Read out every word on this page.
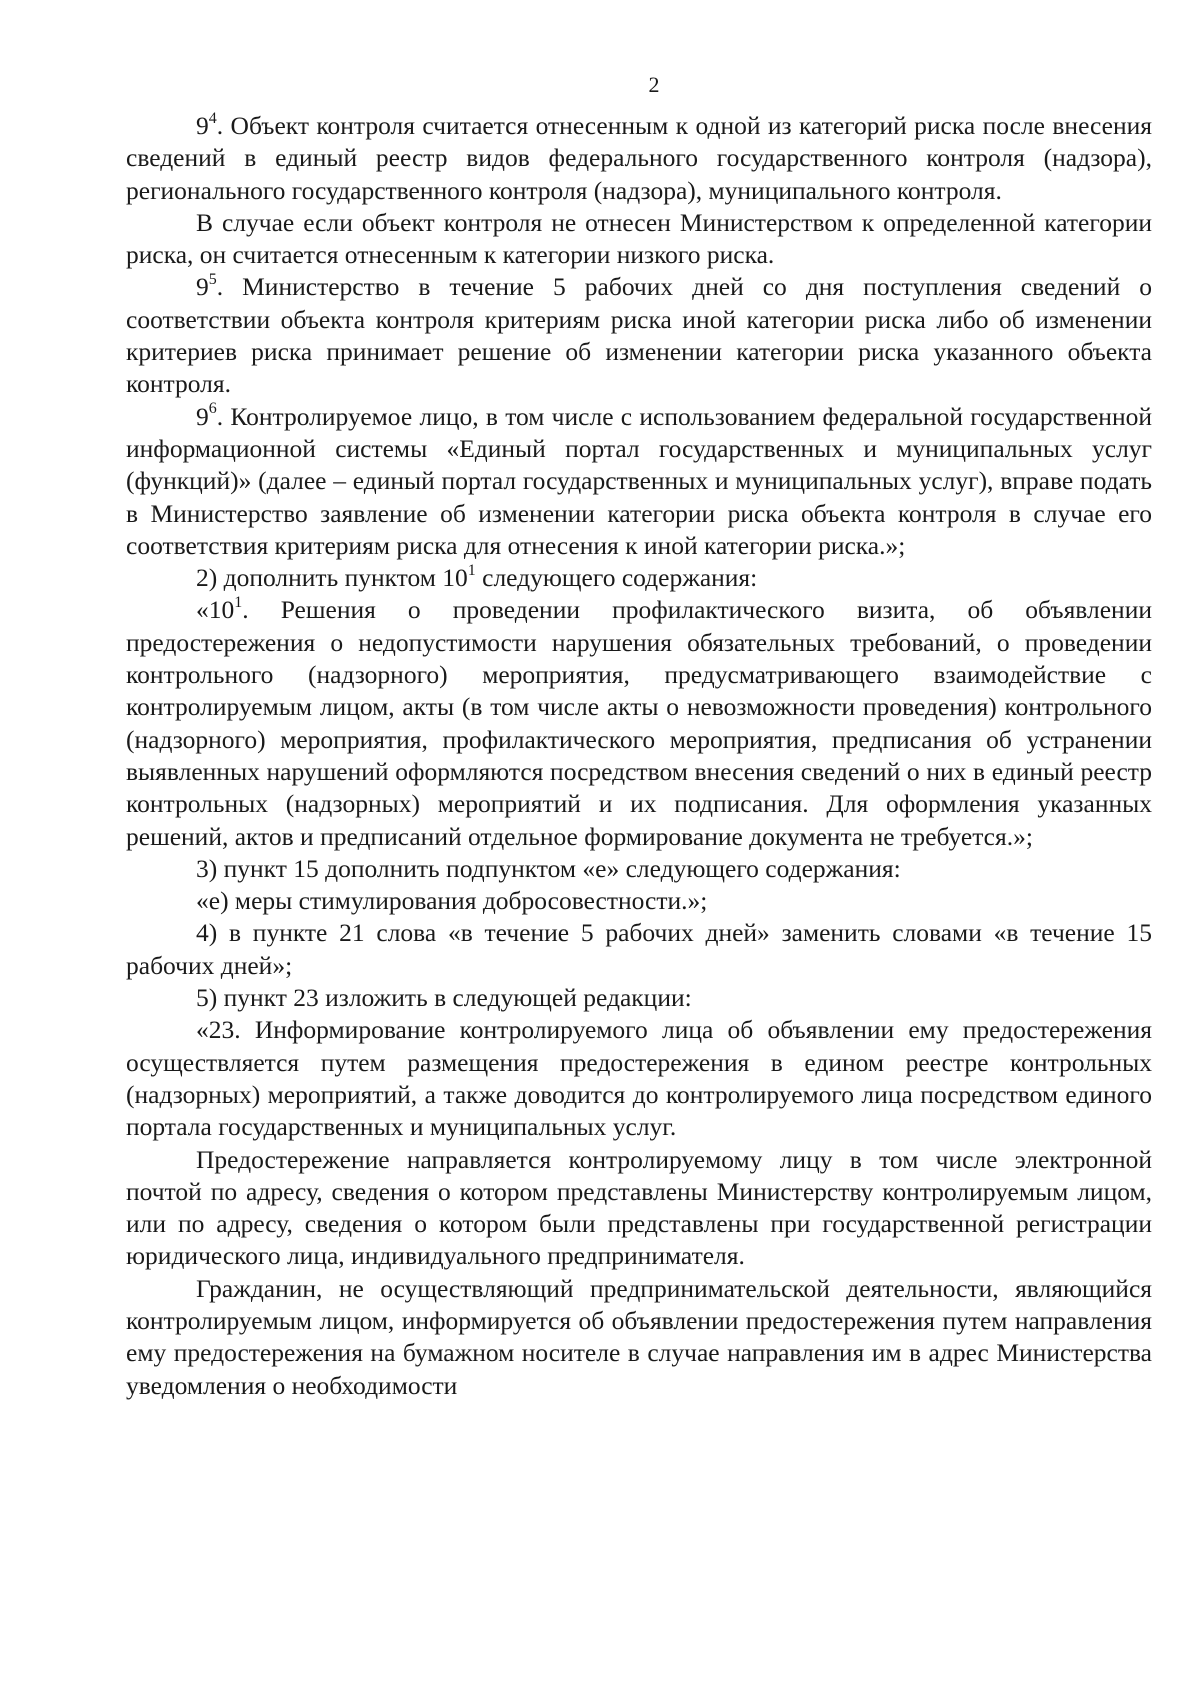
2

$9^4$. Объект контроля считается отнесенным к одной из категорий риска после внесения сведений в единый реестр видов федерального государственного контроля (надзора), регионального государственного контроля (надзора), муниципального контроля.

В случае если объект контроля не отнесен Министерством к определенной категории риска, он считается отнесенным к категории низкого риска.

$9^5$. Министерство в течение 5 рабочих дней со дня поступления сведений о соответствии объекта контроля критериям риска иной категории риска либо об изменении критериев риска принимает решение об изменении категории риска указанного объекта контроля.

$9^6$. Контролируемое лицо, в том числе с использованием федеральной государственной информационной системы «Единый портал государственных и муниципальных услуг (функций)» (далее – единый портал государственных и муниципальных услуг), вправе подать в Министерство заявление об изменении категории риска объекта контроля в случае его соответствия критериям риска для отнесения к иной категории риска.»;

2) дополнить пунктом $10^1$ следующего содержания:

«$10^1$. Решения о проведении профилактического визита, об объявлении предостережения о недопустимости нарушения обязательных требований, о проведении контрольного (надзорного) мероприятия, предусматривающего взаимодействие с контролируемым лицом, акты (в том числе акты о невозможности проведения) контрольного (надзорного) мероприятия, профилактического мероприятия, предписания об устранении выявленных нарушений оформляются посредством внесения сведений о них в единый реестр контрольных (надзорных) мероприятий и их подписания. Для оформления указанных решений, актов и предписаний отдельное формирование документа не требуется.»;

3) пункт 15 дополнить подпунктом «е» следующего содержания:

«е) меры стимулирования добросовестности.»;

4) в пункте 21 слова «в течение 5 рабочих дней» заменить словами «в течение 15 рабочих дней»;

5) пункт 23 изложить в следующей редакции:

«23. Информирование контролируемого лица об объявлении ему предостережения осуществляется путем размещения предостережения в едином реестре контрольных (надзорных) мероприятий, а также доводится до контролируемого лица посредством единого портала государственных и муниципальных услуг.

Предостережение направляется контролируемому лицу в том числе электронной почтой по адресу, сведения о котором представлены Министерству контролируемым лицом, или по адресу, сведения о котором были представлены при государственной регистрации юридического лица, индивидуального предпринимателя.

Гражданин, не осуществляющий предпринимательской деятельности, являющийся контролируемым лицом, информируется об объявлении предостережения путем направления ему предостережения на бумажном носителе в случае направления им в адрес Министерства уведомления о необходимости
